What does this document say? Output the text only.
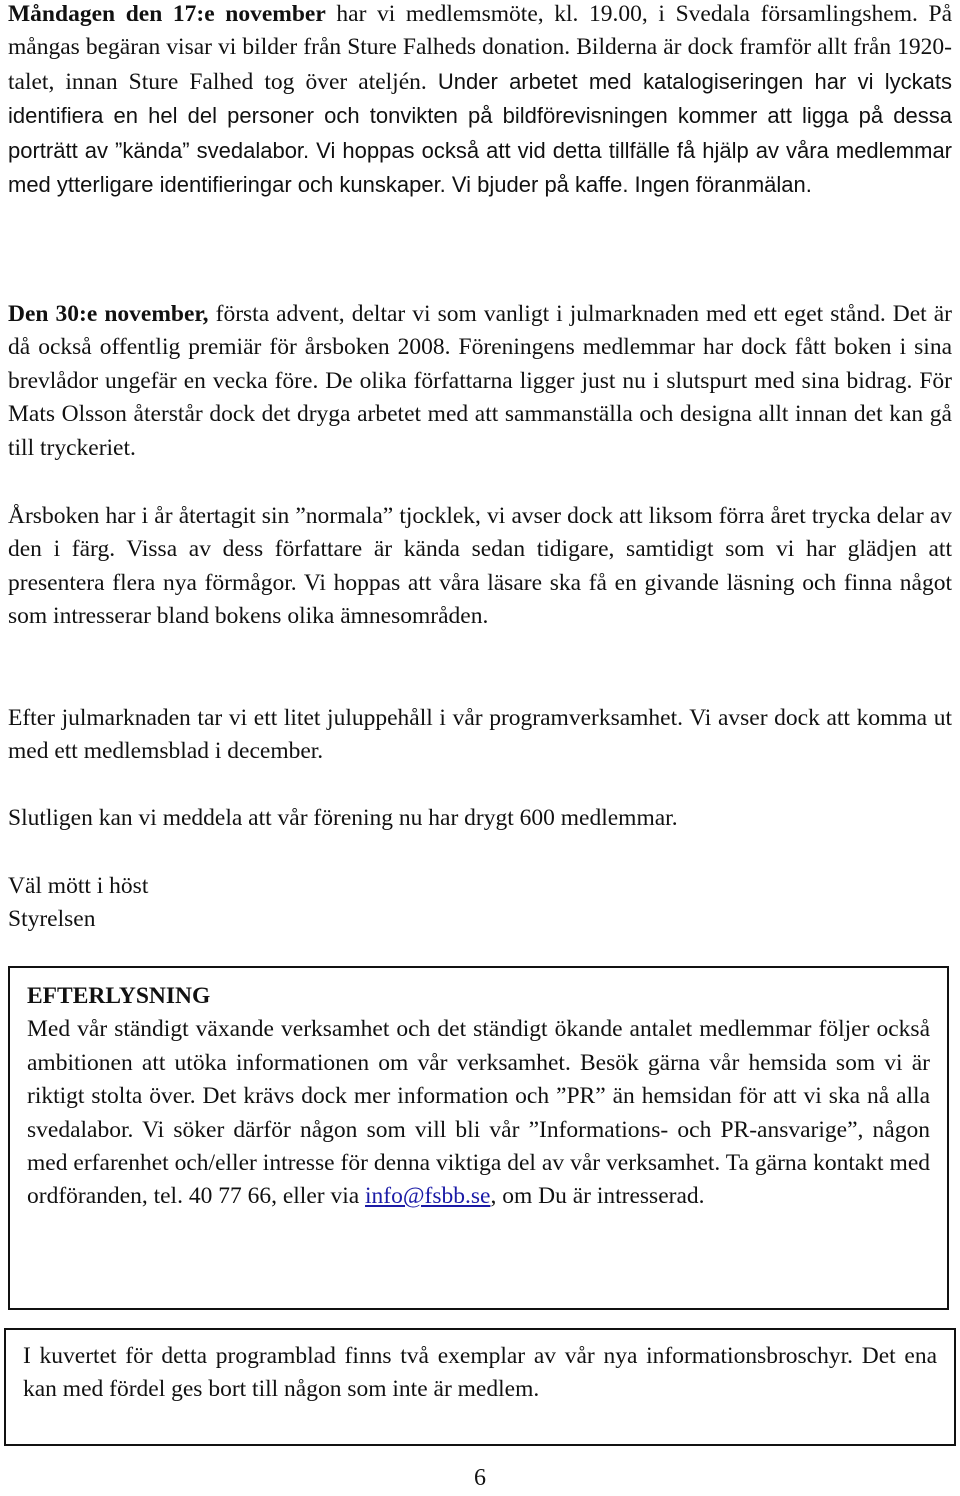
Måndagen den 17:e november har vi medlemsmöte, kl. 19.00, i Svedala församlingshem. På mångas begäran visar vi bilder från Sture Falheds donation. Bilderna är dock framför allt från 1920-talet, innan Sture Falhed tog över ateljén. Under arbetet med katalogiseringen har vi lyckats identifiera en hel del personer och tonvikten på bildförevisningen kommer att ligga på dessa porträtt av ”kända” svedalabor. Vi hoppas också att vid detta tillfälle få hjälp av våra medlemmar med ytterligare identifieringar och kunskaper. Vi bjuder på kaffe. Ingen föranmälan.

Den 30:e november, första advent, deltar vi som vanligt i julmarknaden med ett eget stånd. Det är då också offentlig premiär för årsboken 2008. Föreningens medlemmar har dock fått boken i sina brevlådor ungefär en vecka före. De olika författarna ligger just nu i slutspurt med sina bidrag. För Mats Olsson återstår dock det dryga arbetet med att sammanställa och designa allt innan det kan gå till tryckeriet.

Årsboken har i år återtagit sin ”normala” tjocklek, vi avser dock att liksom förra året trycka delar av den i färg. Vissa av dess författare är kända sedan tidigare, samtidigt som vi har glädjen att presentera flera nya förmågor. Vi hoppas att våra läsare ska få en givande läsning och finna något som intresserar bland bokens olika ämnesområden.

Efter julmarknaden tar vi ett litet juluppehåll i vår programverksamhet. Vi avser dock att komma ut med ett medlemsblad i december.

Slutligen kan vi meddela att vår förening nu har drygt 600 medlemmar.

Väl mött i höst

Styrelsen

EFTERLYSNING

Med vår ständigt växande verksamhet och det ständigt ökande antalet medlemmar följer också ambitionen att utöka informationen om vår verksamhet. Besök gärna vår hemsida som vi är riktigt stolta över. Det krävs dock mer information och ”PR” än hemsidan för att vi ska nå alla svedalabor. Vi söker därför någon som vill bli vår ”Informations- och PR-ansvarige”, någon med erfarenhet och/eller intresse för denna viktiga del av vår verksamhet. Ta gärna kontakt med ordföranden, tel. 40 77 66, eller via info@fsbb.se, om Du är intresserad.

I kuvertet för detta programblad finns två exemplar av vår nya informationsbroschyr. Det ena kan med fördel ges bort till någon som inte är medlem.

6
